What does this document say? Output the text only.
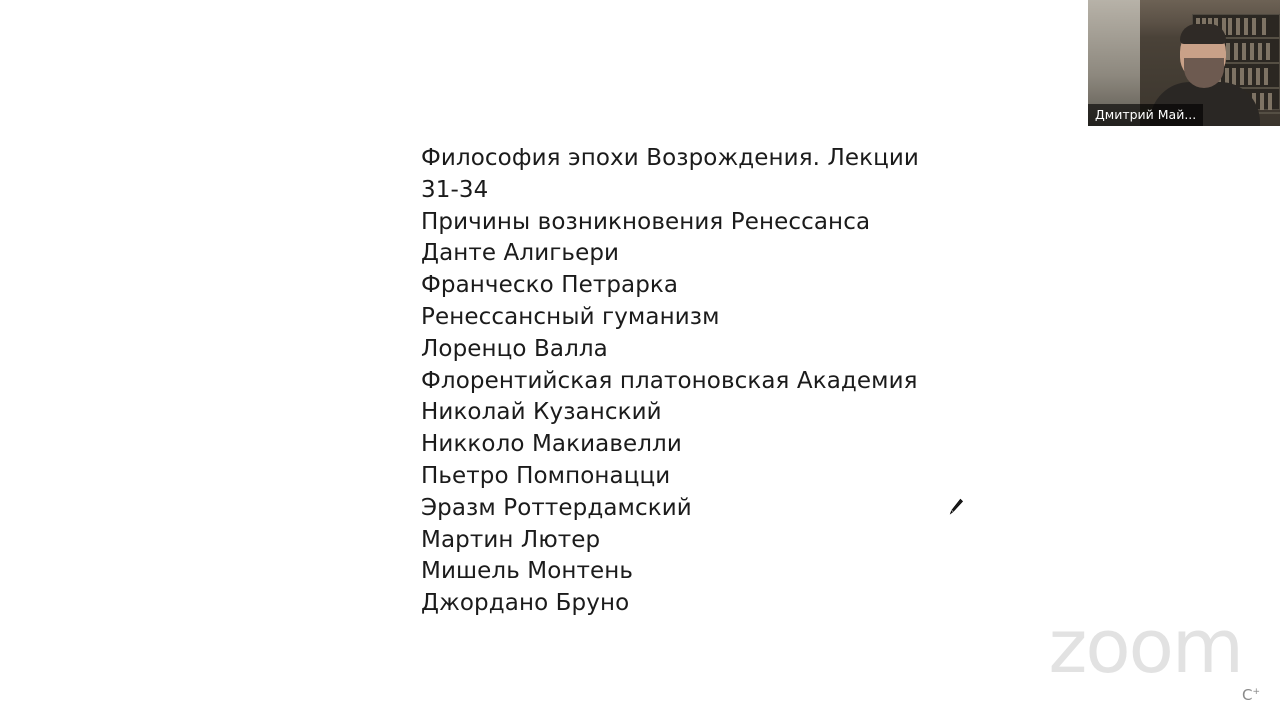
Философия эпохи Возрождения. Лекции
31-34
Причины возникновения Ренессанса
Данте Алигьери
Франческо Петрарка
Ренессансный гуманизм
Лоренцо Валла
Флорентийская платоновская Академия
Николай Кузанский
Никколо Макиавелли
Пьетро Помпонацци
Эразм Роттердамский
Мартин Лютер
Мишель Монтень
Джордано Бруно
zoom
C+
Дмитрий Май...
